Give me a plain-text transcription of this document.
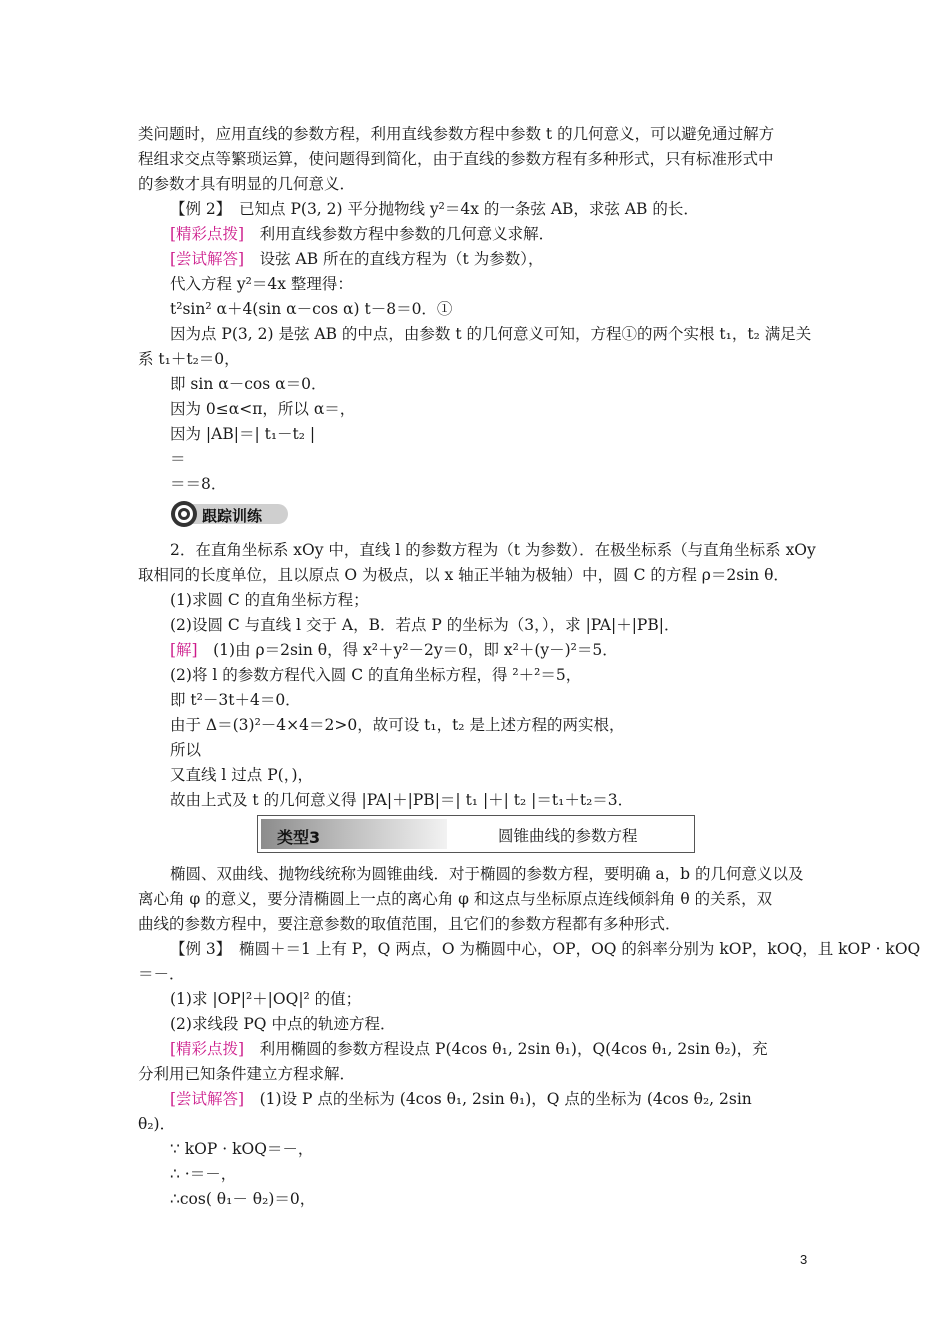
类问题时，应用直线的参数方程，利用直线参数方程中参数 t 的几何意义，可以避免通过解方
程组求交点等繁琐运算，使问题得到简化，由于直线的参数方程有多种形式，只有标准形式中
的参数才具有明显的几何意义．
【例 2】　已知点 P(3, 2) 平分抛物线 y²＝4x 的一条弦 AB，求弦 AB 的长．
[精彩点拨]　利用直线参数方程中参数的几何意义求解．
[尝试解答]　设弦 AB 所在的直线方程为（t 为参数），
代入方程 y²＝4x 整理得：
t²sin² α＋4(sin α－cos α) t－8＝0．①
因为点 P(3, 2) 是弦 AB 的中点，由参数 t 的几何意义可知，方程①的两个实根 t₁，t₂ 满足关
系 t₁＋t₂＝0，
即 sin α－cos α＝0．
因为 0≤α<π，所以 α＝，
因为 |AB|＝| t₁－t₂ |
＝
＝＝8．
跟踪训练
2．在直角坐标系 xOy 中，直线 l 的参数方程为（t 为参数）．在极坐标系（与直角坐标系 xOy
取相同的长度单位，且以原点 O 为极点，以 x 轴正半轴为极轴）中，圆 C 的方程 ρ＝2sin θ．
(1)求圆 C 的直角坐标方程；
(2)设圆 C 与直线 l 交于 A，B．若点 P 的坐标为（3，），求 |PA|＋|PB|．
[解]　(1)由 ρ＝2sin θ，得 x²＋y²－2y＝0，即 x²＋(y－)²＝5．
(2)将 l 的参数方程代入圆 C 的直角坐标方程，得 ²＋²＝5，
即 t²－3t＋4＝0．
由于 Δ＝(3)²－4×4＝2>0，故可设 t₁，t₂ 是上述方程的两实根，
所以
又直线 l 过点 P(，)，
故由上式及 t 的几何意义得 |PA|＋|PB|＝| t₁ |＋| t₂ |＝t₁＋t₂＝3．
类型3	圆锥曲线的参数方程
椭圆、双曲线、抛物线统称为圆锥曲线．对于椭圆的参数方程，要明确 a，b 的几何意义以及
离心角 φ 的意义，要分清椭圆上一点的离心角 φ 和这点与坐标原点连线倾斜角 θ 的关系，双
曲线的参数方程中，要注意参数的取值范围，且它们的参数方程都有多种形式．
【例 3】　椭圆＋＝1 上有 P，Q 两点，O 为椭圆中心，OP，OQ 的斜率分别为 kOP，kOQ，且 kOP · kOQ
＝－．
(1)求 |OP|²＋|OQ|² 的值；
(2)求线段 PQ 中点的轨迹方程．
[精彩点拨]　利用椭圆的参数方程设点 P(4cos θ₁, 2sin θ₁)，Q(4cos θ₁, 2sin θ₂)，充
分利用已知条件建立方程求解．
[尝试解答]　(1)设 P 点的坐标为 (4cos θ₁, 2sin θ₁)，Q 点的坐标为 (4cos θ₂, 2sin
θ₂)．
∵ kOP · kOQ＝－，
∴ ·＝－，
∴cos( θ₁－ θ₂)＝0，
3
